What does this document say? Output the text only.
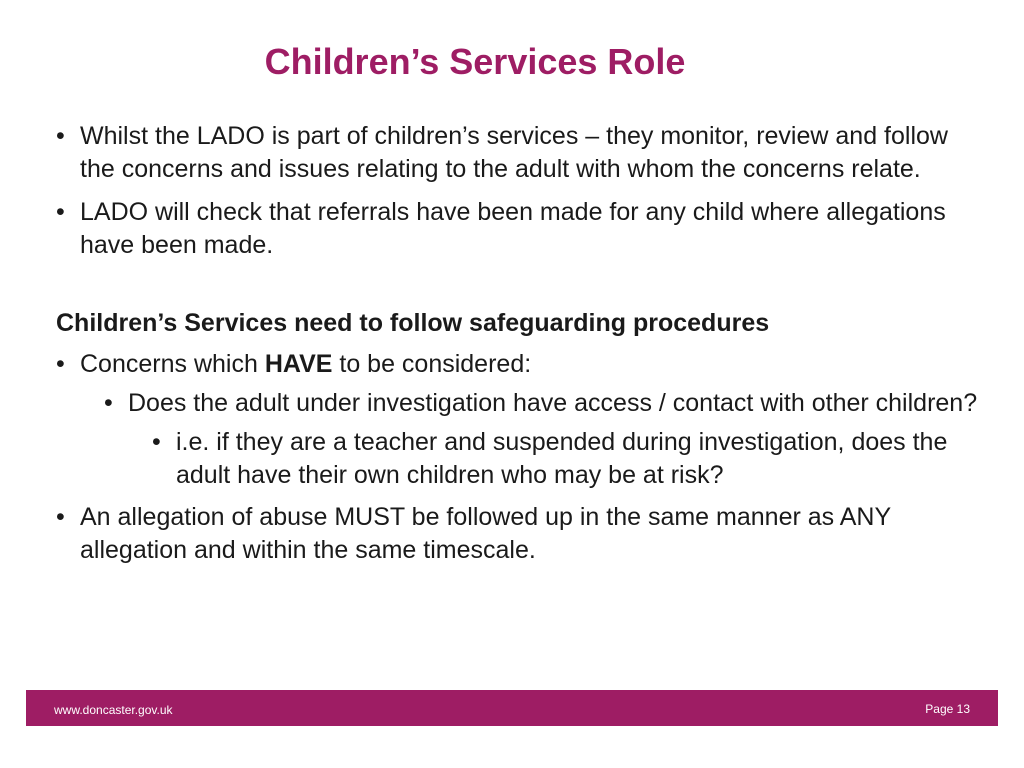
Children’s Services Role

• Whilst the LADO is part of children’s services – they monitor, review and follow the concerns and issues relating to the adult with whom the concerns relate.

• LADO will check that referrals have been made for any child where allegations have been made.

Children’s Services need to follow safeguarding procedures

• Concerns which HAVE to be considered:

• Does the adult under investigation have access / contact with other children?

• i.e. if they are a teacher and suspended during investigation, does the adult have their own children who may be at risk?

• An allegation of abuse MUST be followed up in the same manner as ANY allegation and within the same timescale.

www.doncaster.gov.uk	Page 13
